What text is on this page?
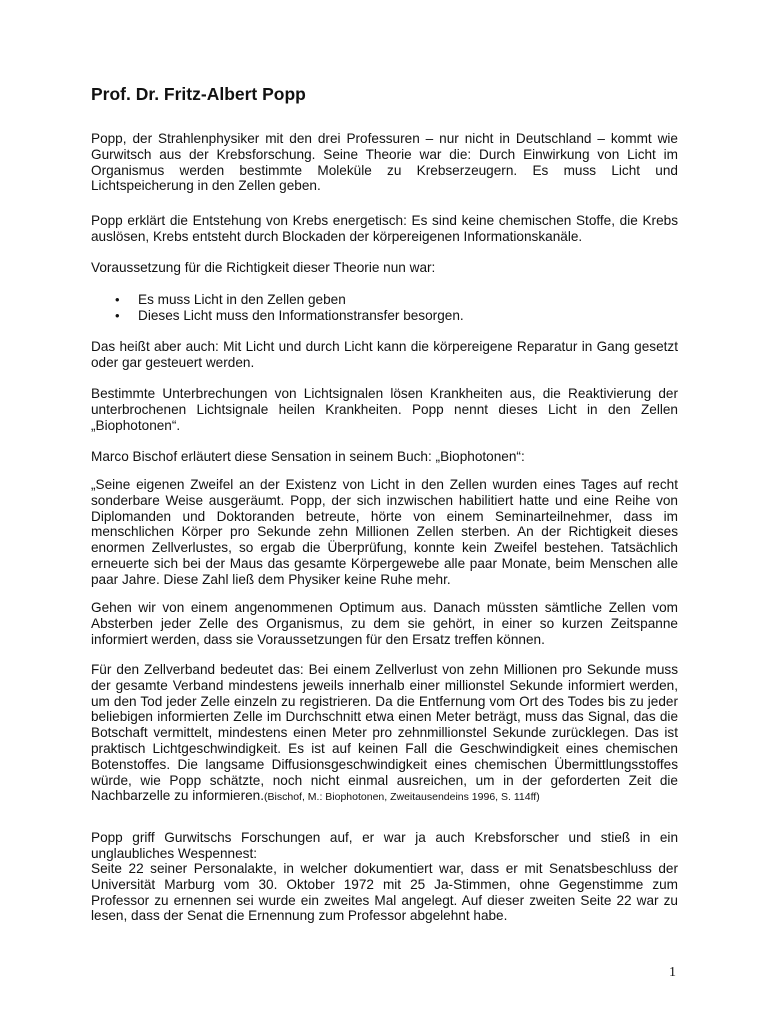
Prof. Dr. Fritz-Albert Popp

Popp, der Strahlenphysiker mit den drei Professuren – nur nicht in Deutschland – kommt wie Gurwitsch aus der Krebsforschung. Seine Theorie war die: Durch Einwirkung von Licht im Organismus werden bestimmte Moleküle zu Krebserzeugern. Es muss Licht und Lichtspeicherung in den Zellen geben.

Popp erklärt die Entstehung von Krebs energetisch: Es sind keine chemischen Stoffe, die Krebs auslösen, Krebs entsteht durch Blockaden der körpereigenen Informationskanäle.

Voraussetzung für die Richtigkeit dieser Theorie nun war:

• Es muss Licht in den Zellen geben
• Dieses Licht muss den Informationstransfer besorgen.

Das heißt aber auch: Mit Licht und durch Licht kann die körpereigene Reparatur in Gang gesetzt oder gar gesteuert werden.

Bestimmte Unterbrechungen von Lichtsignalen lösen Krankheiten aus, die Reaktivierung der unterbrochenen Lichtsignale heilen Krankheiten. Popp nennt dieses Licht in den Zellen „Biophotonen“.

Marco Bischof erläutert diese Sensation in seinem Buch: „Biophotonen“:

„Seine eigenen Zweifel an der Existenz von Licht in den Zellen wurden eines Tages auf recht sonderbare Weise ausgeräumt. Popp, der sich inzwischen habilitiert hatte und eine Reihe von Diplomanden und Doktoranden betreute, hörte von einem Seminarteilnehmer, dass im menschlichen Körper pro Sekunde zehn Millionen Zellen sterben. An der Richtigkeit dieses enormen Zellverlustes, so ergab die Überprüfung, konnte kein Zweifel bestehen. Tatsächlich erneuerte sich bei der Maus das gesamte Körpergewebe alle paar Monate, beim Menschen alle paar Jahre. Diese Zahl ließ dem Physiker keine Ruhe mehr.

Gehen wir von einem angenommenen Optimum aus. Danach müssten sämtliche Zellen vom Absterben jeder Zelle des Organismus, zu dem sie gehört, in einer so kurzen Zeitspanne informiert werden, dass sie Voraussetzungen für den Ersatz treffen können.

Für den Zellverband bedeutet das: Bei einem Zellverlust von zehn Millionen pro Sekunde muss der gesamte Verband mindestens jeweils innerhalb einer millionstel Sekunde informiert werden, um den Tod jeder Zelle einzeln zu registrieren. Da die Entfernung vom Ort des Todes bis zu jeder beliebigen informierten Zelle im Durchschnitt etwa einen Meter beträgt, muss das Signal, das die Botschaft vermittelt, mindestens einen Meter pro zehnmillionstel Sekunde zurücklegen. Das ist praktisch Lichtgeschwindigkeit. Es ist auf keinen Fall die Geschwindigkeit eines chemischen Botenstoffes. Die langsame Diffusionsgeschwindigkeit eines chemischen Übermittlungsstoffes würde, wie Popp schätzte, noch nicht einmal ausreichen, um in der geforderten Zeit die Nachbarzelle zu informieren.(Bischof, M.: Biophotonen, Zweitausendeins 1996, S. 114ff)

Popp griff Gurwitschs Forschungen auf, er war ja auch Krebsforscher und stieß in ein unglaubliches Wespennest:

Seite 22 seiner Personalakte, in welcher dokumentiert war, dass er mit Senatsbeschluss der Universität Marburg vom 30. Oktober 1972 mit 25 Ja-Stimmen, ohne Gegenstimme zum Professor zu ernennen sei wurde ein zweites Mal angelegt. Auf dieser zweiten Seite 22 war zu lesen, dass der Senat die Ernennung zum Professor abgelehnt habe.

1
